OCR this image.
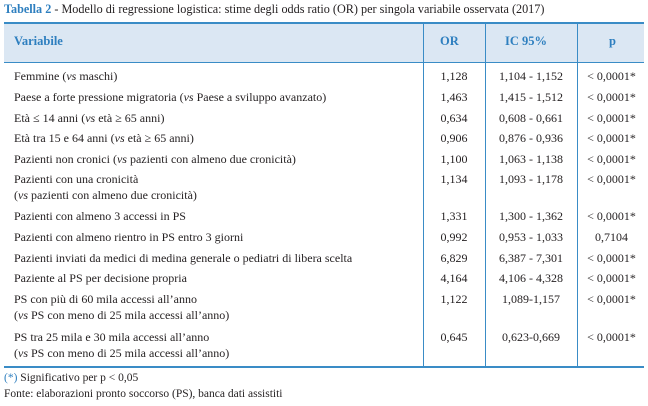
Tabella 2 - Modello di regressione logistica: stime degli odds ratio (OR) per singola variabile osservata (2017)
Variabile	OR	IC 95%	p
Femmine (vs maschi)	1,128	1,104 - 1,152	< 0,0001*
Paese a forte pressione migratoria (vs Paese a sviluppo avanzato)	1,463	1,415 - 1,512	< 0,0001*
Età ≤ 14 anni (vs età ≥ 65 anni)	0,634	0,608 - 0,661	< 0,0001*
Età tra 15 e 64 anni (vs età ≥ 65 anni)	0,906	0,876 - 0,936	< 0,0001*
Pazienti non cronici (vs pazienti con almeno due cronicità)	1,100	1,063 - 1,138	< 0,0001*
Pazienti con una cronicità
(vs pazienti con almeno due cronicità)
1,134	1,093 - 1,178	< 0,0001*
Pazienti con almeno 3 accessi in PS	1,331	1,300 - 1,362	< 0,0001*
Pazienti con almeno rientro in PS entro 3 giorni	0,992	0,953 - 1,033	0,7104
Pazienti inviati da medici di medina generale o pediatri di libera scelta	6,829	6,387 - 7,301	< 0,0001*
Paziente al PS per decisione propria	4,164	4,106 - 4,328	< 0,0001*
PS con più di 60 mila accessi all’anno
(vs PS con meno di 25 mila accessi all’anno)
1,122	1,089-1,157	< 0,0001*
PS tra 25 mila e 30 mila accessi all’anno
(vs PS con meno di 25 mila accessi all’anno)
0,645	0,623-0,669	< 0,0001*
(*) Significativo per p < 0,05
Fonte: elaborazioni pronto soccorso (PS), banca dati assistiti
